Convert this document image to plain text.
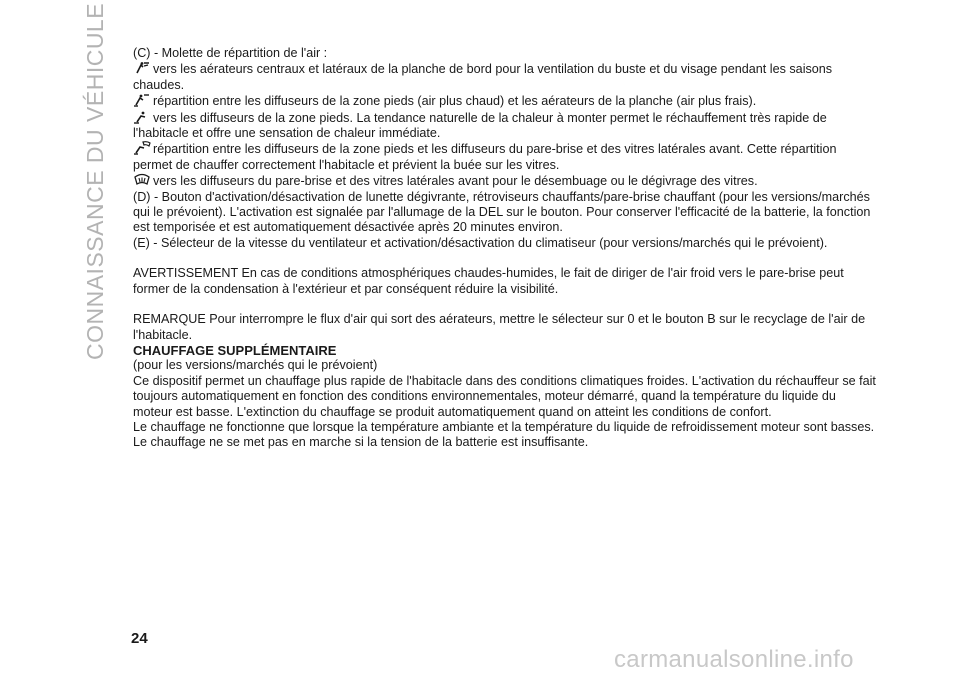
CONNAISSANCE DU VÉHICULE (C) - Molette de répartition de l'air :

vers les aérateurs centraux et latéraux de la planche de bord pour la ventilation du buste et du visage pendant les saisons chaudes.

répartition entre les diffuseurs de la zone pieds (air plus chaud) et les aérateurs de la planche (air plus frais).

vers les diffuseurs de la zone pieds. La tendance naturelle de la chaleur à monter permet le réchauffement très rapide de l'habitacle et offre une sensation de chaleur immédiate.

répartition entre les diffuseurs de la zone pieds et les diffuseurs du pare-brise et des vitres latérales avant. Cette répartition permet de chauffer correctement l'habitacle et prévient la buée sur les vitres.

vers les diffuseurs du pare-brise et des vitres latérales avant pour le désembuage ou le dégivrage des vitres.

(D) - Bouton d'activation/désactivation de lunette dégivrante, rétroviseurs chauffants/pare-brise chauffant (pour les versions/marchés qui le prévoient). L'activation est signalée par l'allumage de la DEL sur le bouton. Pour conserver l'efficacité de la batterie, la fonction est temporisée et est automatiquement désactivée après 20 minutes environ.

(E) - Sélecteur de la vitesse du ventilateur et activation/désactivation du climatiseur (pour versions/marchés qui le prévoient).

AVERTISSEMENT En cas de conditions atmosphériques chaudes-humides, le fait de diriger de l'air froid vers le pare-brise peut former de la condensation à l'extérieur et par conséquent réduire la visibilité.

REMARQUE Pour interrompre le flux d'air qui sort des aérateurs, mettre le sélecteur sur 0 et le bouton B sur le recyclage de l'air de l'habitacle.

CHAUFFAGE SUPPLÉMENTAIRE

(pour les versions/marchés qui le prévoient)

Ce dispositif permet un chauffage plus rapide de l'habitacle dans des conditions climatiques froides. L'activation du réchauffeur se fait toujours automatiquement en fonction des conditions environnementales, moteur démarré, quand la température du liquide du moteur est basse. L'extinction du chauffage se produit automatiquement quand on atteint les conditions de confort.

Le chauffage ne fonctionne que lorsque la température ambiante et la température du liquide de refroidissement moteur sont basses. Le chauffage ne se met pas en marche si la tension de la batterie est insuffisante.

24
carmanualsonline.info
